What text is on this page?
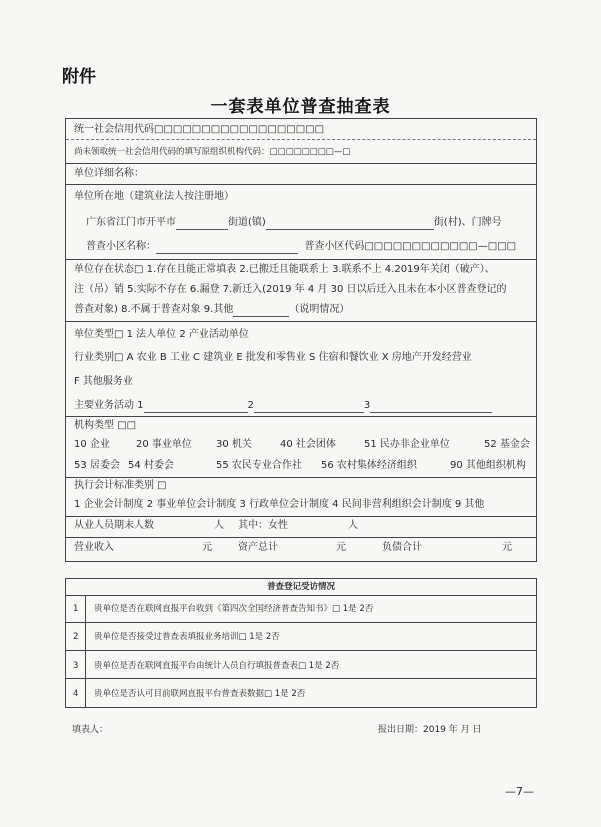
附件
一套表单位普查抽查表
统一社会信用代码□□□□□□□□□□□□□□□□□□
尚未领取统一社会信用代码的填写原组织机构代码：□□□□□□□□—□
单位详细名称：
单位所在地（建筑业法人按注册地）
广东省江门市开平市	街道(镇)	街(村)、门牌号
普查小区名称：	普查小区代码□□□□□□□□□□□□—□□□
单位存在状态□ 1.存在且能正常填表 2.已搬迁且能联系上 3.联系不上 4.2019年关闭（破产）、
注（吊）销 5.实际不存在 6.漏登 7.新迁入(2019 年 4 月 30 日以后迁入且未在本小区普查登记的
普查对象) 8.不属于普查对象 9.其他	（说明情况）
单位类型□ 1 法人单位 2 产业活动单位
行业类别□ A 农业 B 工业 C 建筑业 E 批发和零售业 S 住宿和餐饮业 X 房地产开发经营业
F 其他服务业
主要业务活动 1	2	3
机构类型 □□
10 企业	20 事业单位 30 机关	40 社会团体	51 民办非企业单位	52 基金会
53 居委会 54 村委会	55 农民专业合作社 56 农村集体经济组织	90 其他组织机构
执行会计标准类别 □
1 企业会计制度 2 事业单位会计制度 3 行政单位会计制度 4 民间非营利组织会计制度 9 其他
从业人员期末人数	人 其中：女性	人
营业收入	元	资产总计	元	负债合计	元
普查登记受访情况
1 贵单位是否在联网直报平台收到《第四次全国经济普查告知书》□ 1是 2否
2 贵单位是否接受过普查表填报业务培训□ 1是 2否
3 贵单位是否在联网直报平台由统计人员自行填报普查表□ 1是 2否
4 贵单位是否认可目前联网直报平台普查表数据□ 1是 2否
填表人：	报出日期：2019 年 月 日
—7—
